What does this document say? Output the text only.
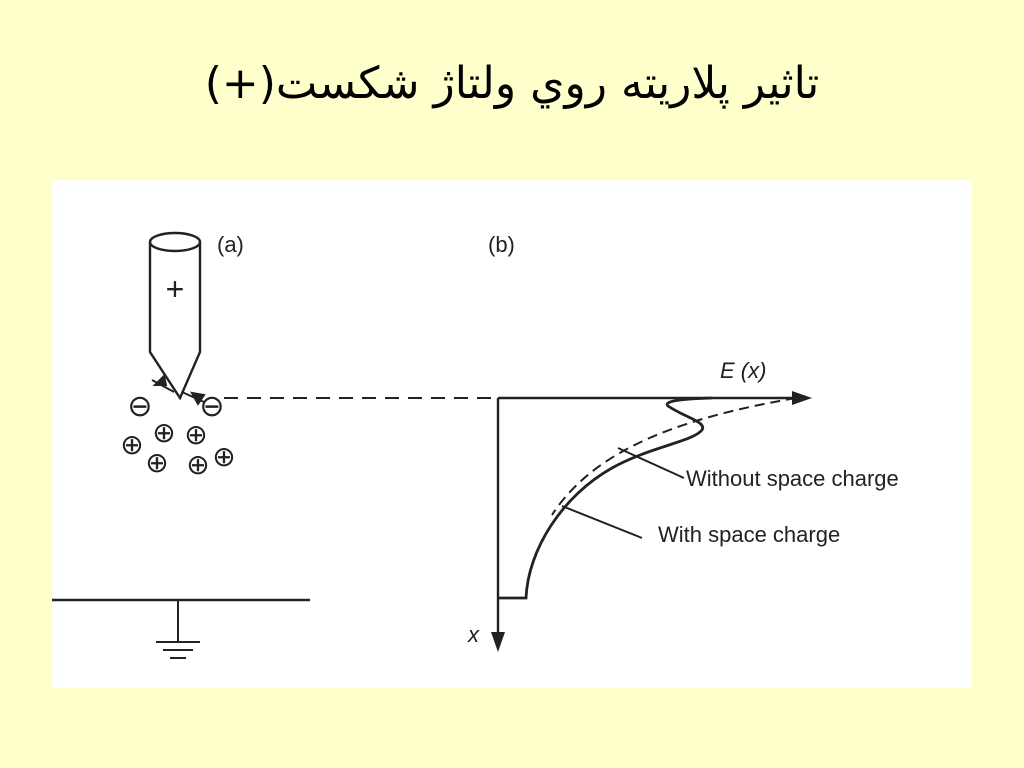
تاثیر پلاریته روي ولتاژ شکست(+)
+
(a)
⊖ ⊖
⊕ ⊕
⊕
⊕ ⊕ ⊕
(b)
E (x)
x
Without space charge
With space charge
